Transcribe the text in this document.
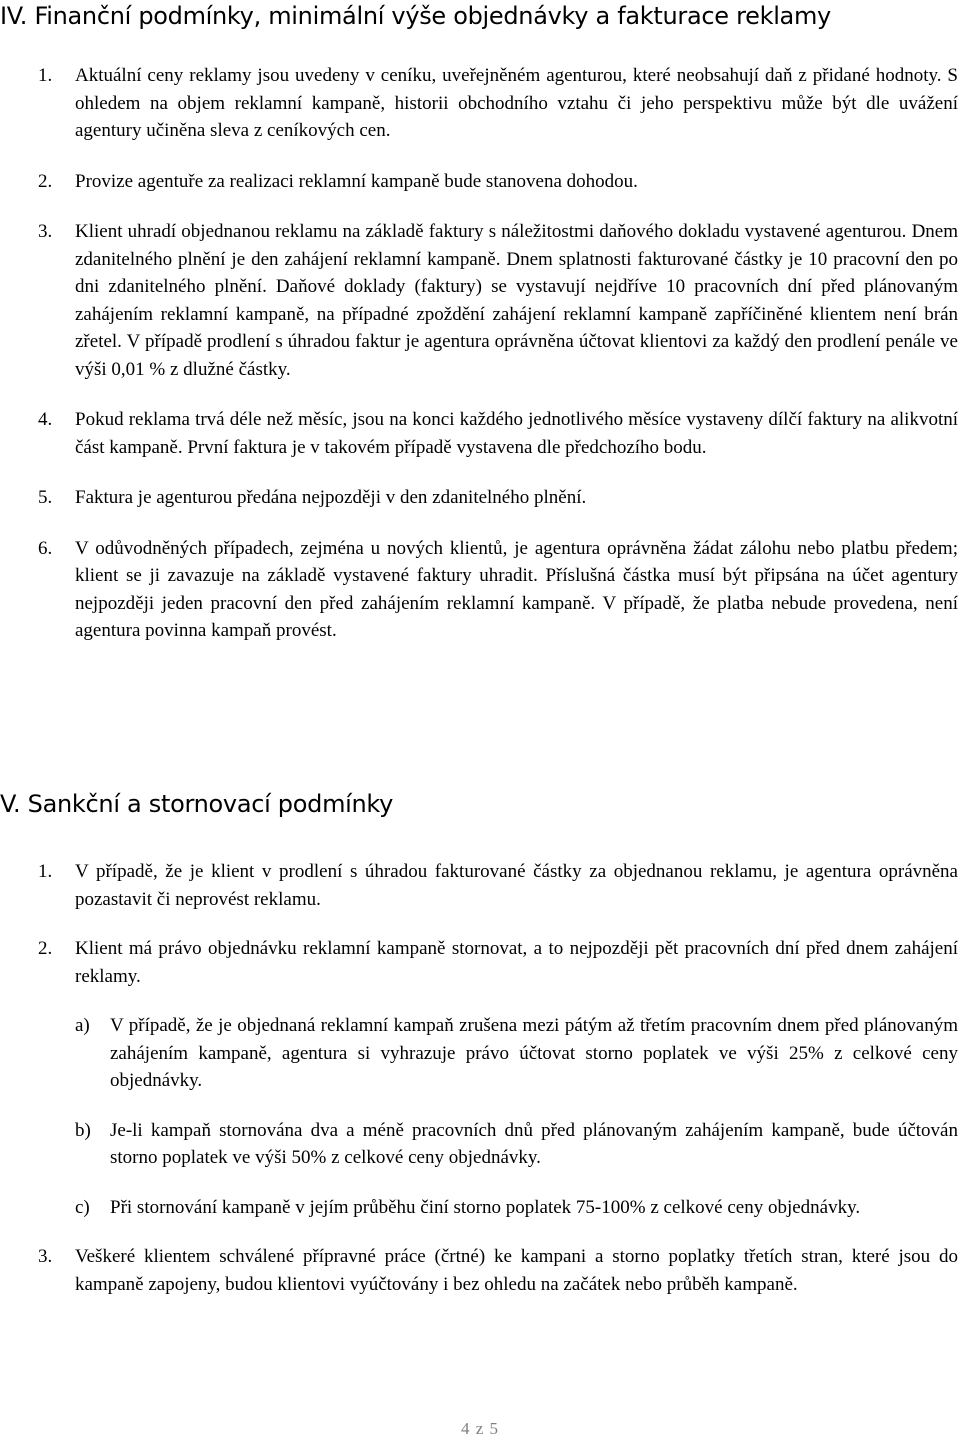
IV. Finanční podmínky, minimální výše objednávky a fakturace reklamy
1. Aktuální ceny reklamy jsou uvedeny v ceníku, uveřejněném agenturou, které neobsahují daň z přidané hodnoty. S ohledem na objem reklamní kampaně, historii obchodního vztahu či jeho perspektivu může být dle uvážení agentury učiněna sleva z ceníkových cen.
2. Provize agentuře za realizaci reklamní kampaně bude stanovena dohodou.
3. Klient uhradí objednanou reklamu na základě faktury s náležitostmi daňového dokladu vystavené agenturou. Dnem zdanitelného plnění je den zahájení reklamní kampaně. Dnem splatnosti fakturované částky je 10 pracovní den po dni zdanitelného plnění. Daňové doklady (faktury) se vystavují nejdříve 10 pracovních dní před plánovaným zahájením reklamní kampaně, na případné zpoždění zahájení reklamní kampaně zapříčiněné klientem není brán zřetel. V případě prodlení s úhradou faktur je agentura oprávněna účtovat klientovi za každý den prodlení penále ve výši 0,01 % z dlužné částky.
4. Pokud reklama trvá déle než měsíc, jsou na konci každého jednotlivého měsíce vystaveny dílčí faktury na alikvotní část kampaně. První faktura je v takovém případě vystavena dle předchozího bodu.
5. Faktura je agenturou předána nejpozději v den zdanitelného plnění.
6. V odůvodněných případech, zejména u nových klientů, je agentura oprávněna žádat zálohu nebo platbu předem; klient se ji zavazuje na základě vystavené faktury uhradit. Příslušná částka musí být připsána na účet agentury nejpozději jeden pracovní den před zahájením reklamní kampaně. V případě, že platba nebude provedena, není agentura povinna kampaň provést.
V. Sankční a stornovací podmínky
1. V případě, že je klient v prodlení s úhradou fakturované částky za objednanou reklamu, je agentura oprávněna pozastavit či neprovést reklamu.
2. Klient má právo objednávku reklamní kampaně stornovat, a to nejpozději pět pracovních dní před dnem zahájení reklamy.
a) V případě, že je objednaná reklamní kampaň zrušena mezi pátým až třetím pracovním dnem před plánovaným zahájením kampaně, agentura si vyhrazuje právo účtovat storno poplatek ve výši 25% z celkové ceny objednávky.
b) Je-li kampaň stornována dva a méně pracovních dnů před plánovaným zahájením kampaně, bude účtován storno poplatek ve výši 50% z celkové ceny objednávky.
c) Při stornování kampaně v jejím průběhu činí storno poplatek 75-100% z celkové ceny objednávky.
3. Veškeré klientem schválené přípravné práce (črtné) ke kampani a storno poplatky třetích stran, které jsou do kampaně zapojeny, budou klientovi vyúčtovány i bez ohledu na začátek nebo průběh kampaně.
4 z 5
